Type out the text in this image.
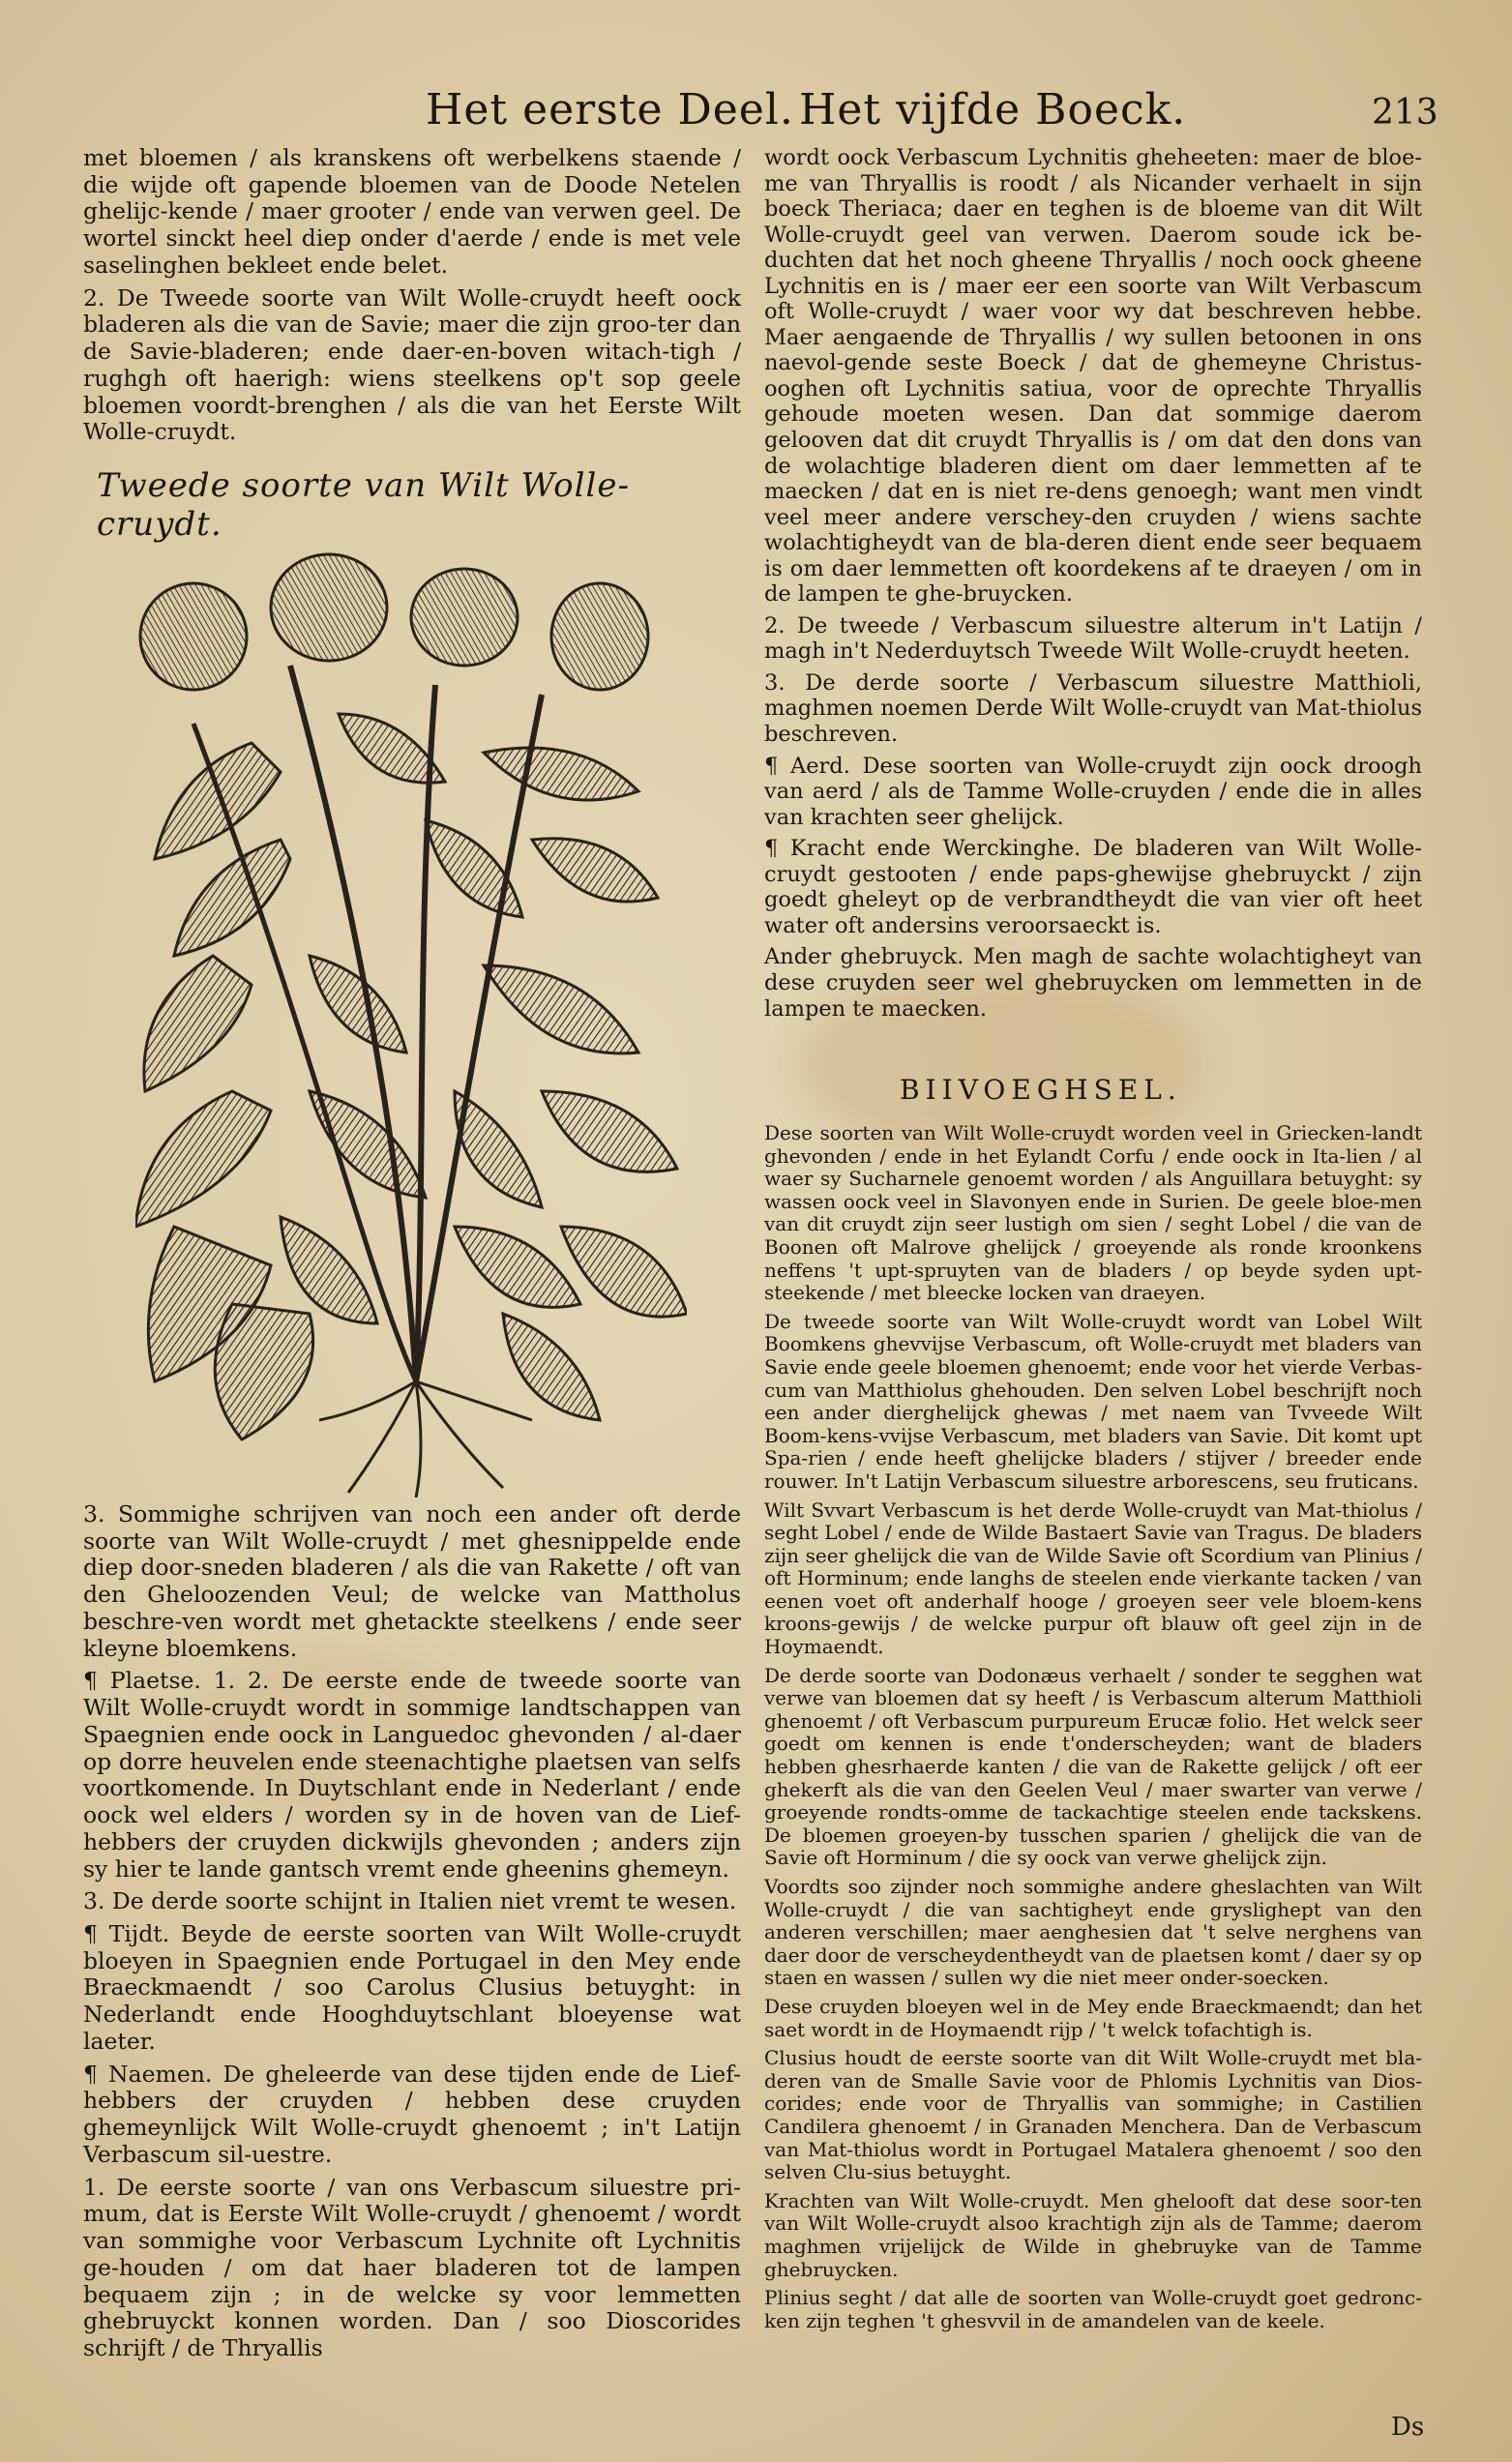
Het eerste Deel. Het vijfde Boeck.	213

met bloemen / als kranskens oft werbelkens staende / die wijde oft gapende bloemen van de Doode Netelen ghelijc-kende / maer grooter / ende van verwen geel. De wortel sinckt heel diep onder d'aerde / ende is met vele saselinghen bekleet ende belet.

2. De Tweede soorte van Wilt Wolle-cruydt heeft oock bladeren als die van de Savie; maer die zijn groo-ter dan de Savie-bladeren; ende daer-en-boven witach-tigh / rughgh oft haerigh: wiens steelkens op't sop geele bloemen voordt-brenghen / als die van het Eerste Wilt Wolle-cruydt.

Tweede soorte van Wilt Wolle-cruydt.

3. Sommighe schrijven van noch een ander oft derde soorte van Wilt Wolle-cruydt / met ghesnippelde ende diep door-sneden bladeren / als die van Rakette / oft van den Gheloozenden Veul; de welcke van Mattholus beschre-ven wordt met ghetackte steelkens / ende seer kleyne bloemkens.

¶ Plaetse. 1. 2. De eerste ende de tweede soorte van Wilt Wolle-cruydt wordt in sommige landtschappen van Spaegnien ende oock in Languedoc ghevonden / al-daer op dorre heuvelen ende steenachtighe plaetsen van selfs voortkomende. In Duytschlant ende in Nederlant / ende oock wel elders / worden sy in de hoven van de Lief-hebbers der cruyden dickwijls ghevonden ; anders zijn sy hier te lande gantsch vremt ende gheenins ghemeyn.

3. De derde soorte schijnt in Italien niet vremt te wesen.

¶ Tijdt. Beyde de eerste soorten van Wilt Wolle-cruydt bloeyen in Spaegnien ende Portugael in den Mey ende Braeckmaendt / soo Carolus Clusius betuyght: in Nederlandt ende Hooghduytschlant bloeyense wat laeter.

¶ Naemen. De gheleerde van dese tijden ende de Lief-hebbers der cruyden / hebben dese cruyden ghemeynlijck Wilt Wolle-cruydt ghenoemt ; in't Latijn Verbascum sil-uestre.

1. De eerste soorte / van ons Verbascum siluestre pri-mum, dat is Eerste Wilt Wolle-cruydt / ghenoemt / wordt van sommighe voor Verbascum Lychnite oft Lychnitis ge-houden / om dat haer bladeren tot de lampen bequaem zijn ; in de welcke sy voor lemmetten ghebruyckt konnen worden. Dan / soo Dioscorides schrijft / de Thryallis

wordt oock Verbascum Lychnitis gheheeten: maer de bloe-me van Thryallis is roodt / als Nicander verhaelt in sijn boeck Theriaca; daer en teghen is de bloeme van dit Wilt Wolle-cruydt geel van verwen. Daerom soude ick be-duchten dat het noch gheene Thryallis / noch oock gheene Lychnitis en is / maer eer een soorte van Wilt Verbascum oft Wolle-cruydt / waer voor wy dat beschreven hebbe. Maer aengaende de Thryallis / wy sullen betoonen in ons naevol-gende seste Boeck / dat de ghemeyne Christus-ooghen oft Lychnitis satiua, voor de oprechte Thryallis gehoude moeten wesen. Dan dat sommige daerom gelooven dat dit cruydt Thryallis is / om dat den dons van de wolachtige bladeren dient om daer lemmetten af te maecken / dat en is niet re-dens genoegh; want men vindt veel meer andere verschey-den cruyden / wiens sachte wolachtigheydt van de bla-deren dient ende seer bequaem is om daer lemmetten oft koordekens af te draeyen / om in de lampen te ghe-bruycken.

2. De tweede / Verbascum siluestre alterum in't Latijn / magh in't Nederduytsch Tweede Wilt Wolle-cruydt heeten.

3. De derde soorte / Verbascum siluestre Matthioli, maghmen noemen Derde Wilt Wolle-cruydt van Mat-thiolus beschreven.

¶ Aerd. Dese soorten van Wolle-cruydt zijn oock droogh van aerd / als de Tamme Wolle-cruyden / ende die in alles van krachten seer ghelijck.

¶ Kracht ende Werckinghe. De bladeren van Wilt Wolle-cruydt gestooten / ende paps-ghewijse ghebruyckt / zijn goedt gheleyt op de verbrandtheydt die van vier oft heet water oft andersins veroorsaeckt is.

Ander ghebruyck. Men magh de sachte wolachtigheyt van dese cruyden seer wel ghebruycken om lemmetten in de lampen te maecken.

BIIVOEGHSEL.

Dese soorten van Wilt Wolle-cruydt worden veel in Griecken-landt ghevonden / ende in het Eylandt Corfu / ende oock in Ita-lien / al waer sy Sucharnele genoemt worden / als Anguillara betuyght: sy wassen oock veel in Slavonyen ende in Surien. De geele bloe-men van dit cruydt zijn seer lustigh om sien / seght Lobel / die van de Boonen oft Malrove ghelijck / groeyende als ronde kroonkens neffens 't upt-spruyten van de bladers / op beyde syden upt-steekende / met bleecke locken van draeyen.

De tweede soorte van Wilt Wolle-cruydt wordt van Lobel Wilt Boomkens ghevvijse Verbascum, oft Wolle-cruydt met bladers van Savie ende geele bloemen ghenoemt; ende voor het vierde Verbas-cum van Matthiolus ghehouden. Den selven Lobel beschrijft noch een ander dierghelijck ghewas / met naem van Tvveede Wilt Boom-kens-vvijse Verbascum, met bladers van Savie. Dit komt upt Spa-rien / ende heeft ghelijcke bladers / stijver / breeder ende rouwer. In't Latijn Verbascum siluestre arborescens, seu fruticans.

Wilt Svvart Verbascum is het derde Wolle-cruydt van Mat-thiolus / seght Lobel / ende de Wilde Bastaert Savie van Tragus. De bladers zijn seer ghelijck die van de Wilde Savie oft Scordium van Plinius / oft Horminum; ende langhs de steelen ende vierkante tacken / van eenen voet oft anderhalf hooge / groeyen seer vele bloem-kens kroons-gewijs / de welcke purpur oft blauw oft geel zijn in de Hoymaendt.

De derde soorte van Dodonæus verhaelt / sonder te segghen wat verwe van bloemen dat sy heeft / is Verbascum alterum Matthioli ghenoemt / oft Verbascum purpureum Erucæ folio. Het welck seer goedt om kennen is ende t'onderscheyden; want de bladers hebben ghesrhaerde kanten / die van de Rakette gelijck / oft eer ghekerft als die van den Geelen Veul / maer swarter van verwe / groeyende rondts-omme de tackachtige steelen ende tackskens. De bloemen groeyen-by tusschen sparien / ghelijck die van de Savie oft Horminum / die sy oock van verwe ghelijck zijn.

Voordts soo zijnder noch sommighe andere gheslachten van Wilt Wolle-cruydt / die van sachtigheyt ende gryslighept van den anderen verschillen; maer aenghesien dat 't selve nerghens van daer door de verscheydentheydt van de plaetsen komt / daer sy op staen en wassen / sullen wy die niet meer onder-soecken.

Dese cruyden bloeyen wel in de Mey ende Braeckmaendt; dan het saet wordt in de Hoymaendt rijp / 't welck tofachtigh is.

Clusius houdt de eerste soorte van dit Wilt Wolle-cruydt met bla-deren van de Smalle Savie voor de Phlomis Lychnitis van Dios-corides; ende voor de Thryallis van sommighe; in Castilien Candilera ghenoemt / in Granaden Menchera. Dan de Verbascum van Mat-thiolus wordt in Portugael Matalera ghenoemt / soo den selven Clu-sius betuyght.

Krachten van Wilt Wolle-cruydt. Men ghelooft dat dese soor-ten van Wilt Wolle-cruydt alsoo krachtigh zijn als de Tamme; daerom maghmen vrijelijck de Wilde in ghebruyke van de Tamme ghebruycken.

Plinius seght / dat alle de soorten van Wolle-cruydt goet gedronc-ken zijn teghen 't ghesvvil in de amandelen van de keele.

Ds
